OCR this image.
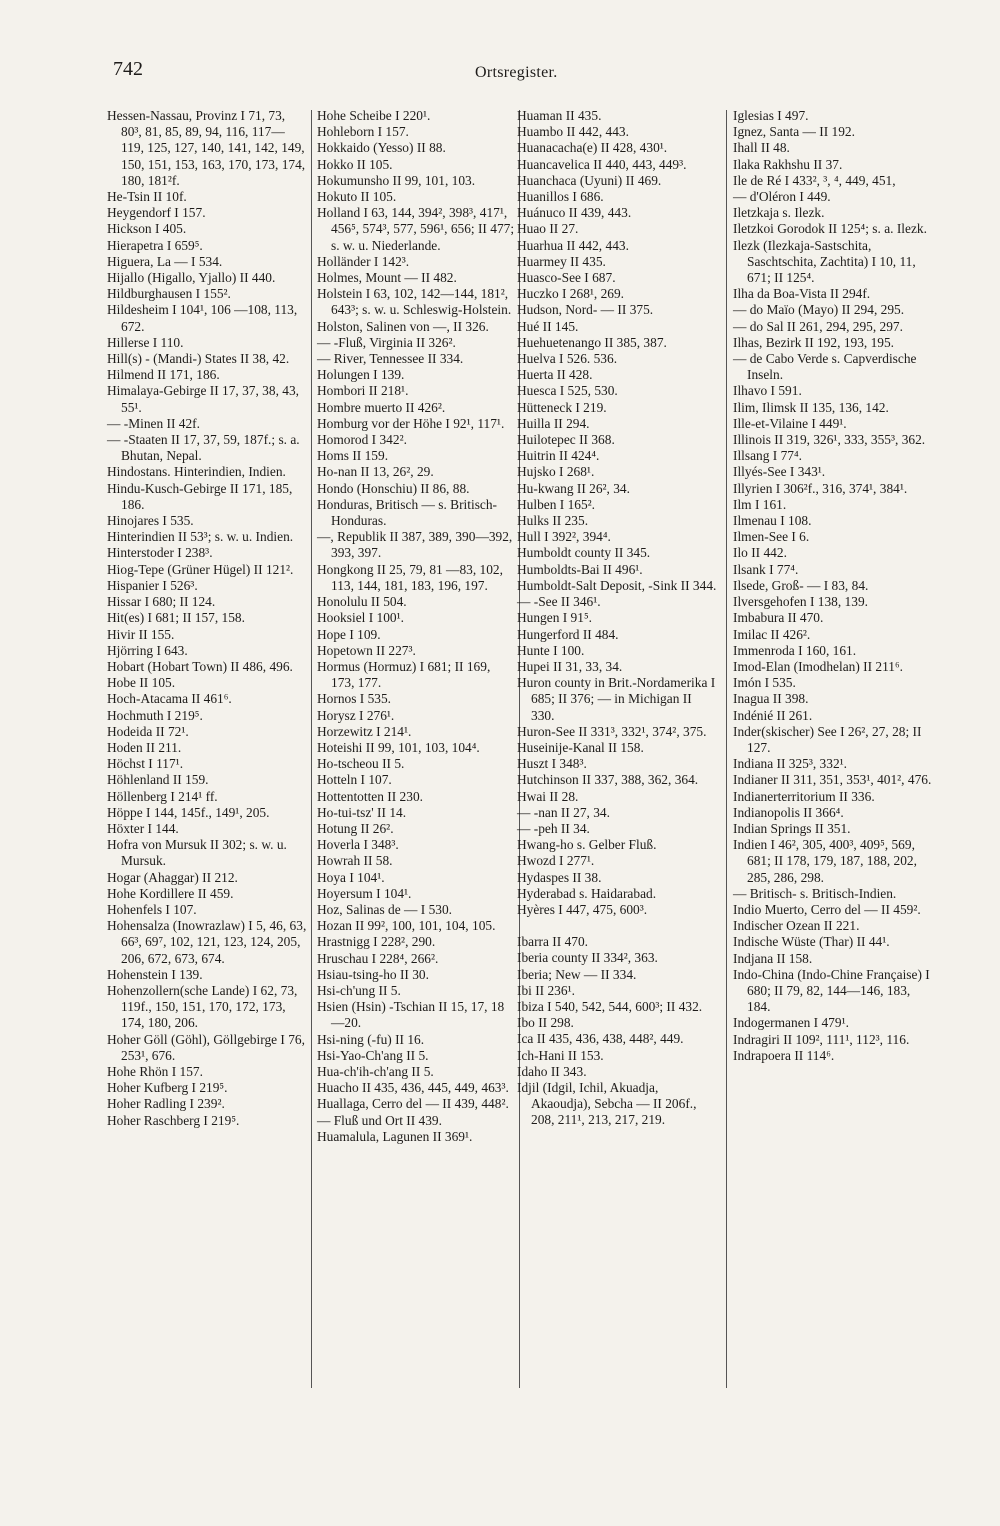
742	Ortsregister.
Hessen-Nassau, Provinz I 71, 73, 80³, 81, 85, 89, 94, 116, 117—119, 125, 127, 140, 141, 142, 149, 150, 151, 153, 163, 170, 173, 174, 180, 181²f.
He-Tsin II 10f.
Heygendorf I 157.
Hickson I 405.
Hierapetra I 659⁵.
Higuera, La — I 534.
Hijallo (Higallo, Yjallo) II 440.
Hildburghausen I 155².
Hildesheim I 104¹, 106 —108, 113, 672.
Hillerse I 110.
Hill(s) - (Mandi-) States II 38, 42.
Hilmend II 171, 186.
Himalaya-Gebirge II 17, 37, 38, 43, 55¹.
— -Minen II 42f.
— -Staaten II 17, 37, 59, 187f.; s. a. Bhutan, Nepal.
Hindostans. Hinterindien, Indien.
Hindu-Kusch-Gebirge II 171, 185, 186.
Hinojares I 535.
Hinterindien II 53³; s. w. u. Indien.
Hinterstoder I 238³.
Hiog-Tepe (Grüner Hügel) II 121².
Hispanier I 526³.
Hissar I 680; II 124.
Hit(es) I 681; II 157, 158.
Hivir II 155.
Hjörring I 643.
Hobart (Hobart Town) II 486, 496.
Hobe II 105.
Hoch-Atacama II 461⁶.
Hochmuth I 219⁵.
Hodeida II 72¹.
Hoden II 211.
Höchst I 117¹.
Höhlenland II 159.
Höllenberg I 214¹ ff.
Höppe I 144, 145f., 149¹, 205.
Höxter I 144.
Hofra von Mursuk II 302; s. w. u. Mursuk.
Hogar (Ahaggar) II 212.
Hohe Kordillere II 459.
Hohenfels I 107.
Hohensalza (Inowrazlaw) I 5, 46, 63, 66³, 69⁷, 102, 121, 123, 124, 205, 206, 672, 673, 674.
Hohenstein I 139.
Hohenzollern(sche Lande) I 62, 73, 119f., 150, 151, 170, 172, 173, 174, 180, 206.
Hoher Göll (Göhl), Göllgebirge I 76, 253¹, 676.
Hohe Rhön I 157.
Hoher Kufberg I 219⁵.
Hoher Radling I 239².
Hoher Raschberg I 219⁵.
Hohe Scheibe I 220¹.
Hohleborn I 157.
Hokkaido (Yesso) II 88.
Hokko II 105.
Hokumunsho II 99, 101, 103.
Hokuto II 105.
Holland I 63, 144, 394², 398³, 417¹, 456⁵, 574³, 577, 596¹, 656; II 477; s. w. u. Niederlande.
Holländer I 142³.
Holmes, Mount — II 482.
Holstein I 63, 102, 142—144, 181², 643³; s. w. u. Schleswig-Holstein.
Holston, Salinen von —, II 326.
— -Fluß, Virginia II 326².
— River, Tennessee II 334.
Holungen I 139.
Hombori II 218¹.
Hombre muerto II 426².
Homburg vor der Höhe I 92¹, 117¹.
Homorod I 342².
Homs II 159.
Ho-nan II 13, 26², 29.
Hondo (Honschiu) II 86, 88.
Honduras, Britisch — s. Britisch-Honduras.
—, Republik II 387, 389, 390—392, 393, 397.
Hongkong II 25, 79, 81 —83, 102, 113, 144, 181, 183, 196, 197.
Honolulu II 504.
Hooksiel I 100¹.
Hope I 109.
Hopetown II 227³.
Hormus (Hormuz) I 681; II 169, 173, 177.
Hornos I 535.
Horysz I 276¹.
Horzewitz I 214¹.
Hoteishi II 99, 101, 103, 104⁴.
Ho-tscheou II 5.
Hotteln I 107.
Hottentotten II 230.
Ho-tui-tsz' II 14.
Hotung II 26².
Hoverla I 348³.
Howrah II 58.
Hoya I 104¹.
Hoyersum I 104¹.
Hoz, Salinas de — I 530.
Hozan II 99², 100, 101, 104, 105.
Hrastnigg I 228², 290.
Hruschau I 228⁴, 266².
Hsiau-tsing-ho II 30.
Hsi-ch'ung II 5.
Hsien (Hsin) -Tschian II 15, 17, 18—20.
Hsi-ning (-fu) II 16.
Hsi-Yao-Ch'ang II 5.
Hua-ch'ih-ch'ang II 5.
Huacho II 435, 436, 445, 449, 463³.
Huallaga, Cerro del — II 439, 448².
— Fluß und Ort II 439.
Huamalula, Lagunen II 369¹.
Huaman II 435.
Huambo II 442, 443.
Huanacacha(e) II 428, 430¹.
Huancavelica II 440, 443, 449³.
Huanchaca (Uyuni) II 469.
Huanillos I 686.
Huánuco II 439, 443.
Huao II 27.
Huarhua II 442, 443.
Huarmey II 435.
Huasco-See I 687.
Huczko I 268¹, 269.
Hudson, Nord- — II 375.
Hué II 145.
Huehuetenango II 385, 387.
Huelva I 526. 536.
Huerta II 428.
Huesca I 525, 530.
Hütteneck I 219.
Huilla II 294.
Huilotepec II 368.
Huitrin II 424⁴.
Hujsko I 268¹.
Hu-kwang II 26², 34.
Hulben I 165².
Hulks II 235.
Hull I 392², 394⁴.
Humboldt county II 345.
Humboldts-Bai II 496¹.
Humboldt-Salt Deposit, -Sink II 344.
— -See II 346¹.
Hungen I 91⁵.
Hungerford II 484.
Hunte I 100.
Hupei II 31, 33, 34.
Huron county in Brit.-Nordamerika I 685; II 376; — in Michigan II 330.
Huron-See II 331³, 332¹, 374², 375.
Huseinije-Kanal II 158.
Huszt I 348³.
Hutchinson II 337, 388, 362, 364.
Hwai II 28.
— -nan II 27, 34.
— -peh II 34.
Hwang-ho s. Gelber Fluß.
Hwozd I 277¹.
Hydaspes II 38.
Hyderabad s. Haidarabad.
Hyères I 447, 475, 600³.
Ibarra II 470.
Iberia county II 334², 363.
Iberia; New — II 334.
Ibi II 236¹.
Ibiza I 540, 542, 544, 600³; II 432.
Ibo II 298.
Ica II 435, 436, 438, 448², 449.
Ich-Hani II 153.
Idaho II 343.
Idjil (Idgil, Ichil, Akuadja, Akaoudja), Sebcha — II 206f., 208, 211¹, 213, 217, 219.
Iglesias I 497.
Ignez, Santa — II 192.
Ihall II 48.
Ilaka Rakhshu II 37.
Ile de Ré I 433², ³, ⁴, 449, 451,
— d'Oléron I 449.
Iletzkaja s. Ilezk.
Iletzkoi Gorodok II 125⁴; s. a. Ilezk.
Ilezk (Ilezkaja-Sastschita, Saschtschita, Zachtita) I 10, 11, 671; II 125⁴.
Ilha da Boa-Vista II 294f.
— do Maïo (Mayo) II 294, 295.
— do Sal II 261, 294, 295, 297.
Ilhas, Bezirk II 192, 193, 195.
— de Cabo Verde s. Capverdische Inseln.
Ilhavo I 591.
Ilim, Ilimsk II 135, 136, 142.
Ille-et-Vilaine I 449¹.
Illinois II 319, 326¹, 333, 355³, 362.
Illsang I 77⁴.
Illyés-See I 343¹.
Illyrien I 306²f., 316, 374¹, 384¹.
Ilm I 161.
Ilmenau I 108.
Ilmen-See I 6.
Ilo II 442.
Ilsank I 77⁴.
Ilsede, Groß- — I 83, 84.
Ilversgehofen I 138, 139.
Imbabura II 470.
Imilac II 426².
Immenroda I 160, 161.
Imod-Elan (Imodhelan) II 211⁶.
Imón I 535.
Inagua II 398.
Indénié II 261.
Inder(skischer) See I 26², 27, 28; II 127.
Indiana II 325³, 332¹.
Indianer II 311, 351, 353¹, 401², 476.
Indianerterritorium II 336.
Indianopolis II 366⁴.
Indian Springs II 351.
Indien I 46², 305, 400³, 409⁵, 569, 681; II 178, 179, 187, 188, 202, 285, 286, 298.
— Britisch- s. Britisch-Indien.
Indio Muerto, Cerro del — II 459².
Indischer Ozean II 221.
Indische Wüste (Thar) II 44¹.
Indjana II 158.
Indo-China (Indo-Chine Française) I 680; II 79, 82, 144—146, 183, 184.
Indogermanen I 479¹.
Indragiri II 109², 111¹, 112³, 116.
Indrapoera II 114⁶.
